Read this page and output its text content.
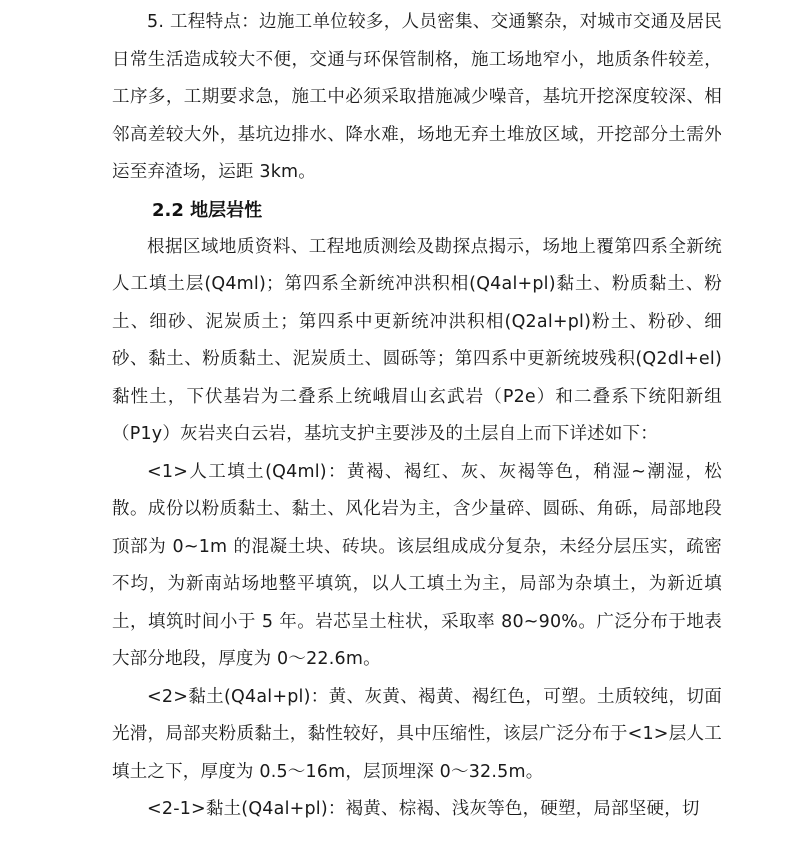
5. 工程特点：边施工单位较多，人员密集、交通繁杂，对城市交通及居民日常生活造成较大不便，交通与环保管制格，施工场地窄小，地质条件较差，工序多，工期要求急，施工中必须采取措施减少噪音，基坑开挖深度较深、相邻高差较大外，基坑边排水、降水难，场地无弃土堆放区域，开挖部分土需外运至弃渣场，运距 3km。

2.2 地层岩性

根据区域地质资料、工程地质测绘及勘探点揭示，场地上覆第四系全新统人工填土层(Q4ml)；第四系全新统冲洪积相(Q4al+pl)黏土、粉质黏土、粉土、细砂、泥炭质土；第四系中更新统冲洪积相(Q2al+pl)粉土、粉砂、细砂、黏土、粉质黏土、泥炭质土、圆砾等；第四系中更新统坡残积(Q2dl+el)黏性土，下伏基岩为二叠系上统峨眉山玄武岩（P2e）和二叠系下统阳新组（P1y）灰岩夹白云岩，基坑支护主要涉及的土层自上而下详述如下：

<1>人工填土(Q4ml)：黄褐、褐红、灰、灰褐等色，稍湿~潮湿，松散。成份以粉质黏土、黏土、风化岩为主，含少量碎、圆砾、角砾，局部地段顶部为 0~1m 的混凝土块、砖块。该层组成成分复杂，未经分层压实，疏密不均，为新南站场地整平填筑，以人工填土为主，局部为杂填土，为新近填土，填筑时间小于 5 年。岩芯呈土柱状，采取率 80~90%。广泛分布于地表大部分地段，厚度为 0～22.6m。

<2>黏土(Q4al+pl)：黄、灰黄、褐黄、褐红色，可塑。土质较纯，切面光滑，局部夹粉质黏土，黏性较好，具中压缩性，该层广泛分布于<1>层人工填土之下，厚度为 0.5～16m，层顶埋深 0～32.5m。

<2-1>黏土(Q4al+pl)：褐黄、棕褐、浅灰等色，硬塑，局部坚硬，切
